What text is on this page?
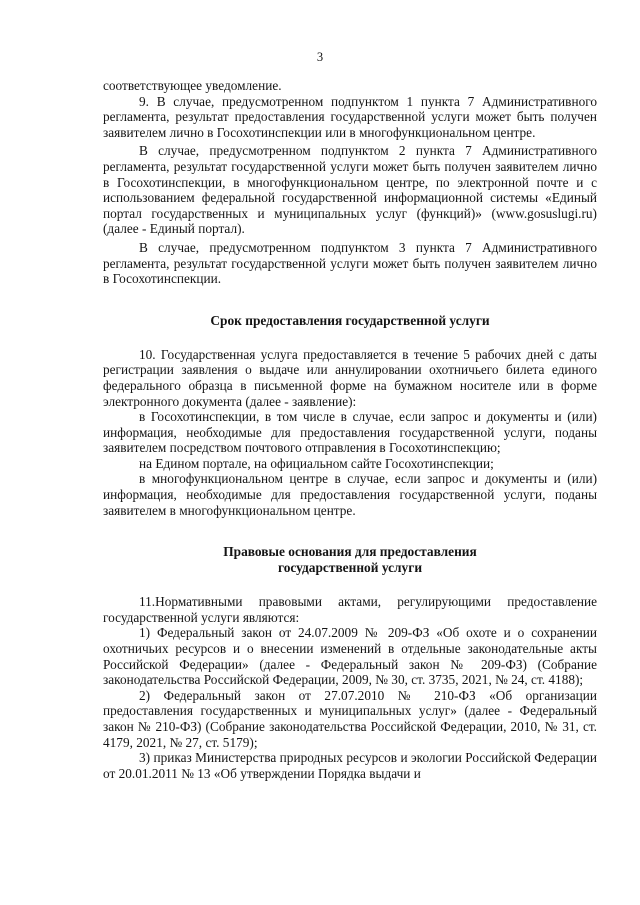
3

соответствующее уведомление.

9. В случае, предусмотренном подпунктом 1 пункта 7 Административного регламента, результат предоставления государственной услуги может быть получен заявителем лично в Госохотинспекции или в многофункциональном центре.

В случае, предусмотренном подпунктом 2 пункта 7 Административного регламента, результат государственной услуги может быть получен заявителем лично в Госохотинспекции, в многофункциональном центре, по электронной почте и с использованием федеральной государственной информационной системы «Единый портал государственных и муниципальных услуг (функций)» (www.gosuslugi.ru) (далее - Единый портал).

В случае, предусмотренном подпунктом 3 пункта 7 Административного регламента, результат государственной услуги может быть получен заявителем лично в Госохотинспекции.

Срок предоставления государственной услуги

10. Государственная услуга предоставляется в течение 5 рабочих дней с даты регистрации заявления о выдаче или аннулировании охотничьего билета единого федерального образца в письменной форме на бумажном носителе или в форме электронного документа (далее - заявление):

в Госохотинспекции, в том числе в случае, если запрос и документы и (или) информация, необходимые для предоставления государственной услуги, поданы заявителем посредством почтового отправления в Госохотинспекцию;

на Едином портале, на официальном сайте Госохотинспекции;

в многофункциональном центре в случае, если запрос и документы и (или) информация, необходимые для предоставления государственной услуги, поданы заявителем в многофункциональном центре.

Правовые основания для предоставления государственной услуги

11.Нормативными правовыми актами, регулирующими предоставление государственной услуги являются:

1) Федеральный закон от 24.07.2009 № 209-ФЗ «Об охоте и о сохранении охотничьих ресурсов и о внесении изменений в отдельные законодательные акты Российской Федерации» (далее - Федеральный закон № 209-ФЗ) (Собрание законодательства Российской Федерации, 2009, № 30, ст. 3735, 2021, № 24, ст. 4188);

2) Федеральный закон от 27.07.2010 № 210-ФЗ «Об организации предоставления государственных и муниципальных услуг» (далее - Федеральный закон № 210-ФЗ) (Собрание законодательства Российской Федерации, 2010, № 31, ст. 4179, 2021, № 27, ст. 5179);

3) приказ Министерства природных ресурсов и экологии Российской Федерации от 20.01.2011 № 13 «Об утверждении Порядка выдачи и
